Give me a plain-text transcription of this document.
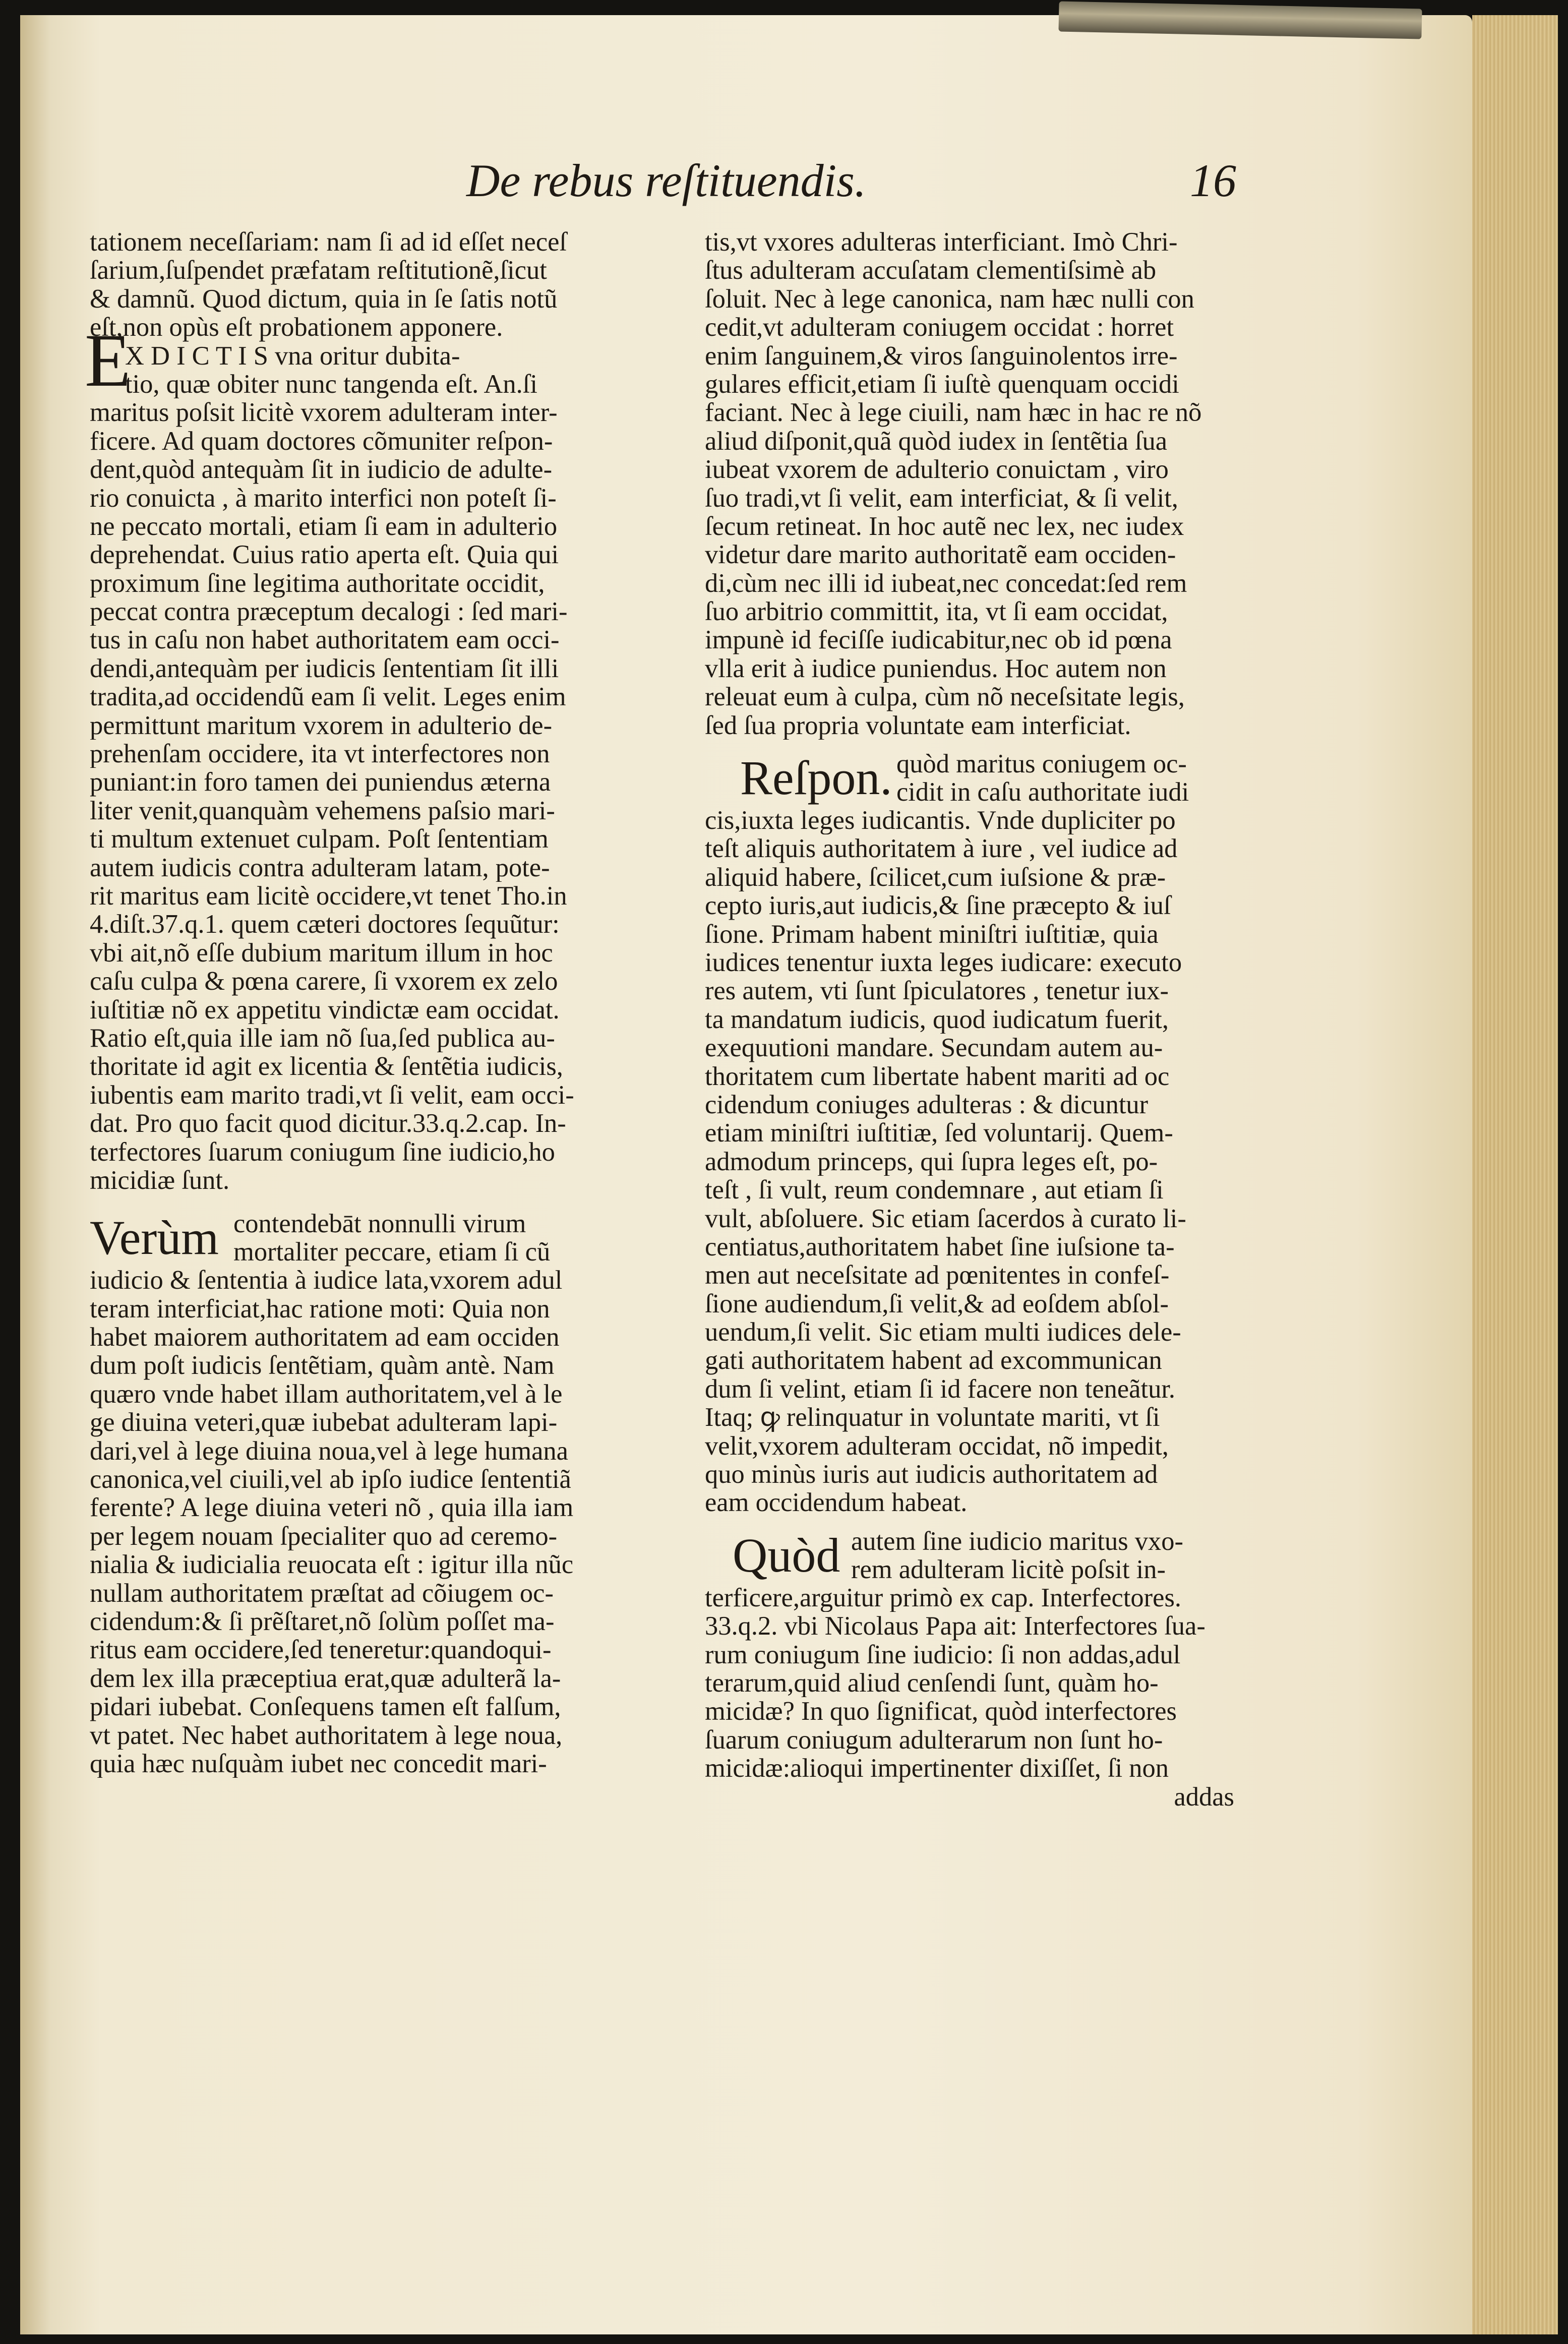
De rebus reſtituendis.	16
tationem neceſſariam: nam ſi ad id eſſet neceſ
ſarium,ſuſpendet præfatam reſtitutionẽ,ſicut
& damnũ. Quod dictum, quia in ſe ſatis notũ
eſt,non opùs eſt probationem apponere.
E
X D I C T I S vna oritur dubita-
tio, quæ obiter nunc tangenda eſt. An.ſi
maritus poſsit licitè vxorem adulteram inter-
ficere. Ad quam doctores cõmuniter reſpon-
dent,quòd antequàm ſit in iudicio de adulte-
rio conuicta , à marito interfici non poteſt ſi-
ne peccato mortali, etiam ſi eam in adulterio
deprehendat. Cuius ratio aperta eſt. Quia qui
proximum ſine legitima authoritate occidit,
peccat contra præceptum decalogi : ſed mari-
tus in caſu non habet authoritatem eam occi-
dendi,antequàm per iudicis ſententiam ſit illi
tradita,ad occidendũ eam ſi velit. Leges enim
permittunt maritum vxorem in adulterio de-
prehenſam occidere, ita vt interfectores non
puniant:in foro tamen dei puniendus æterna
liter venit,quanquàm vehemens paſsio mari-
ti multum extenuet culpam. Poſt ſententiam
autem iudicis contra adulteram latam, pote-
rit maritus eam licitè occidere,vt tenet Tho.in
4.diſt.37.q.1. quem cæteri doctores ſequũtur:
vbi ait,nõ eſſe dubium maritum illum in hoc
caſu culpa & pœna carere, ſi vxorem ex zelo
iuſtitiæ nõ ex appetitu vindictæ eam occidat.
Ratio eſt,quia ille iam nõ ſua,ſed publica au-
thoritate id agit ex licentia & ſentẽtia iudicis,
iubentis eam marito tradi,vt ſi velit, eam occi-
dat. Pro quo facit quod dicitur.33.q.2.cap. In-
terfectores ſuarum coniugum ſine iudicio,ho
micidiæ ſunt.
Verùm contendebāt nonnulli virum
mortaliter peccare, etiam ſi cũ
iudicio & ſententia à iudice lata,vxorem adul
teram interficiat,hac ratione moti: Quia non
habet maiorem authoritatem ad eam occiden
dum poſt iudicis ſentẽtiam, quàm antè. Nam
quæro vnde habet illam authoritatem,vel à le
ge diuina veteri,quæ iubebat adulteram lapi-
dari,vel à lege diuina noua,vel à lege humana
canonica,vel ciuili,vel ab ipſo iudice ſententiã
ferente? A lege diuina veteri nõ , quia illa iam
per legem nouam ſpecialiter quo ad ceremo-
nialia & iudicialia reuocata eſt : igitur illa nũc
nullam authoritatem præſtat ad cõiugem oc-
cidendum:& ſi prẽſtaret,nõ ſolùm poſſet ma-
ritus eam occidere,ſed teneretur:quandoqui-
dem lex illa præceptiua erat,quæ adulterã la-
pidari iubebat. Conſequens tamen eſt falſum,
vt patet. Nec habet authoritatem à lege noua,
quia hæc nuſquàm iubet nec concedit mari-
tis,vt vxores adulteras interficiant. Imò Chri-
ſtus adulteram accuſatam clementiſsimè ab
ſoluit. Nec à lege canonica, nam hæc nulli con
cedit,vt adulteram coniugem occidat : horret
enim ſanguinem,& viros ſanguinolentos irre-
gulares efficit,etiam ſi iuſtè quenquam occidi
faciant. Nec à lege ciuili, nam hæc in hac re nõ
aliud diſponit,quã quòd iudex in ſentẽtia ſua
iubeat vxorem de adulterio conuictam , viro
ſuo tradi,vt ſi velit, eam interficiat, & ſi velit,
ſecum retineat. In hoc autẽ nec lex, nec iudex
videtur dare marito authoritatẽ eam occiden-
di,cùm nec illi id iubeat,nec concedat:ſed rem
ſuo arbitrio committit, ita, vt ſi eam occidat,
impunè id feciſſe iudicabitur,nec ob id pœna
vlla erit à iudice puniendus. Hoc autem non
releuat eum à culpa, cùm nõ neceſsitate legis,
ſed ſua propria voluntate eam interficiat.
Reſpon. quòd maritus coniugem oc-
cidit in caſu authoritate iudi
cis,iuxta leges iudicantis. Vnde dupliciter po
teſt aliquis authoritatem à iure , vel iudice ad
aliquid habere, ſcilicet,cum iuſsione & præ-
cepto iuris,aut iudicis,& ſine præcepto & iuſ
ſione. Primam habent miniſtri iuſtitiæ, quia
iudices tenentur iuxta leges iudicare: executo
res autem, vti ſunt ſpiculatores , tenetur iux-
ta mandatum iudicis, quod iudicatum fuerit,
exequutioni mandare. Secundam autem au-
thoritatem cum libertate habent mariti ad oc
cidendum coniuges adulteras : & dicuntur
etiam miniſtri iuſtitiæ, ſed voluntarij. Quem-
admodum princeps, qui ſupra leges eſt, po-
teſt , ſi vult, reum condemnare , aut etiam ſi
vult, abſoluere. Sic etiam ſacerdos à curato li-
centiatus,authoritatem habet ſine iuſsione ta-
men aut neceſsitate ad pœnitentes in confeſ-
ſione audiendum,ſi velit,& ad eoſdem abſol-
uendum,ſi velit. Sic etiam multi iudices dele-
gati authoritatem habent ad excommunican
dum ſi velint, etiam ſi id facere non teneãtur.
Itaq; ꝙ relinquatur in voluntate mariti, vt ſi
velit,vxorem adulteram occidat, nõ impedit,
quo minùs iuris aut iudicis authoritatem ad
eam occidendum habeat.
Quòd autem ſine iudicio maritus vxo-
rem adulteram licitè poſsit in-
terficere,arguitur primò ex cap. Interfectores.
33.q.2. vbi Nicolaus Papa ait: Interfectores ſua-
rum coniugum ſine iudicio: ſi non addas,adul
terarum,quid aliud cenſendi ſunt, quàm ho-
micidæ? In quo ſignificat, quòd interfectores
ſuarum coniugum adulterarum non ſunt ho-
micidæ:alioqui impertinenter dixiſſet, ſi non
addas
